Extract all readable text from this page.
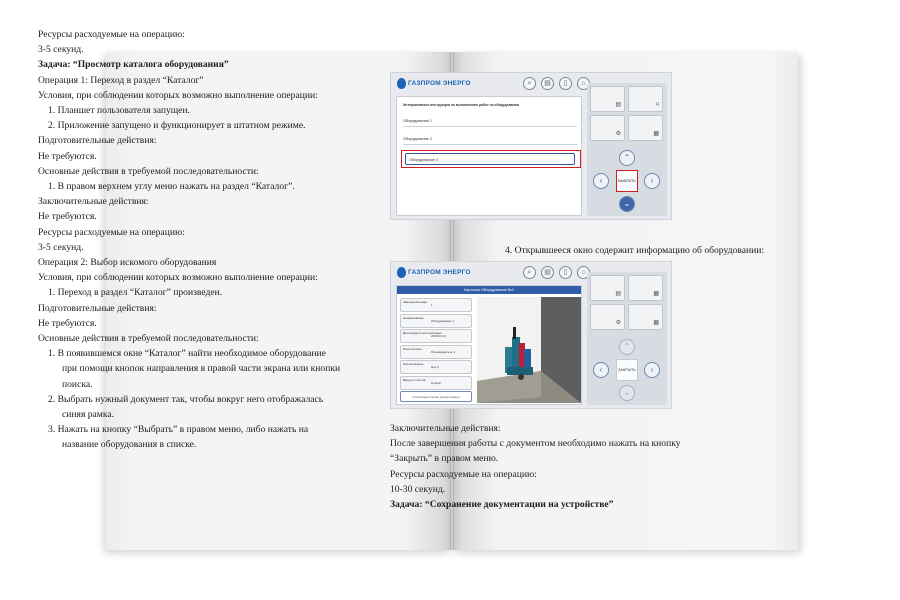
Ресурсы расходуемые на операцию:

3-5 секунд.

Задача: “Просмотр каталога оборудования”

Операция 1: Переход в раздел “Каталог”

Условия, при соблюдении которых возможно выполнение операции:

1. Планшет пользователя запущен.

2. Приложение запущено и функционирует в штатном режиме.

Подготовительные действия:

Не требуются.

Основные действия в требуемой последовательности:

1. В правом верхнем углу меню нажать на раздел “Каталог”.

Заключительные действия:

Не требуются.

Ресурсы расходуемые на операцию:

3-5 секунд.

Операция 2: Выбор искомого оборудования

Условия, при соблюдении которых возможно выполнение операции:

1. Переход в раздел “Каталог” произведен.

Подготовительные действия:

Не требуются.

Основные действия в требуемой последовательности:

1. В появившемся окне “Каталог” найти необходимое оборудование

при помощи кнопок направления в правой части экрана или кнопки

поиска.

2. Выбрать нужный документ так, чтобы вокруг него отображалась

синяя рамка.

3. Нажать на кнопку “Выбрать” в правом меню, либо нажать на

название оборудования в списке.

ГАЗПРОМ ЭНЕРГО	⌕	▤	▯	⌂
Интерактивные инструкции по выполнению работ на оборудовании
Оборудование 1
Оборудование 2
Оборудование 3
▤	⌑
⚙	▦
⌃
‹	ВЫБРАТЬ	›
⌄
4. Открывшееся окно содержит информацию об оборудовании:
ГАЗПРОМ ЭНЕРГО	⌕	▤	▯	⌂
Карточка Оборудования №1
Заводской номер
1
Наименование
Оборудование 1
Дата ввода в эксплуатацию
2023.01.01
Изготовитель
Производитель 1
Расположение
Цех 4
Вводит в состав
Агрегат
Сопроводительная документация
▤	▦
⚙	▦
⌃
‹	ЗАКРЫТЬ	›
⌄

Заключительные действия:

После завершения работы с документом необходимо нажать на кнопку

“Закрыть” в правом меню.

Ресурсы расходуемые на операцию:

10-30 секунд.

Задача: “Сохранение документации на устройстве”
